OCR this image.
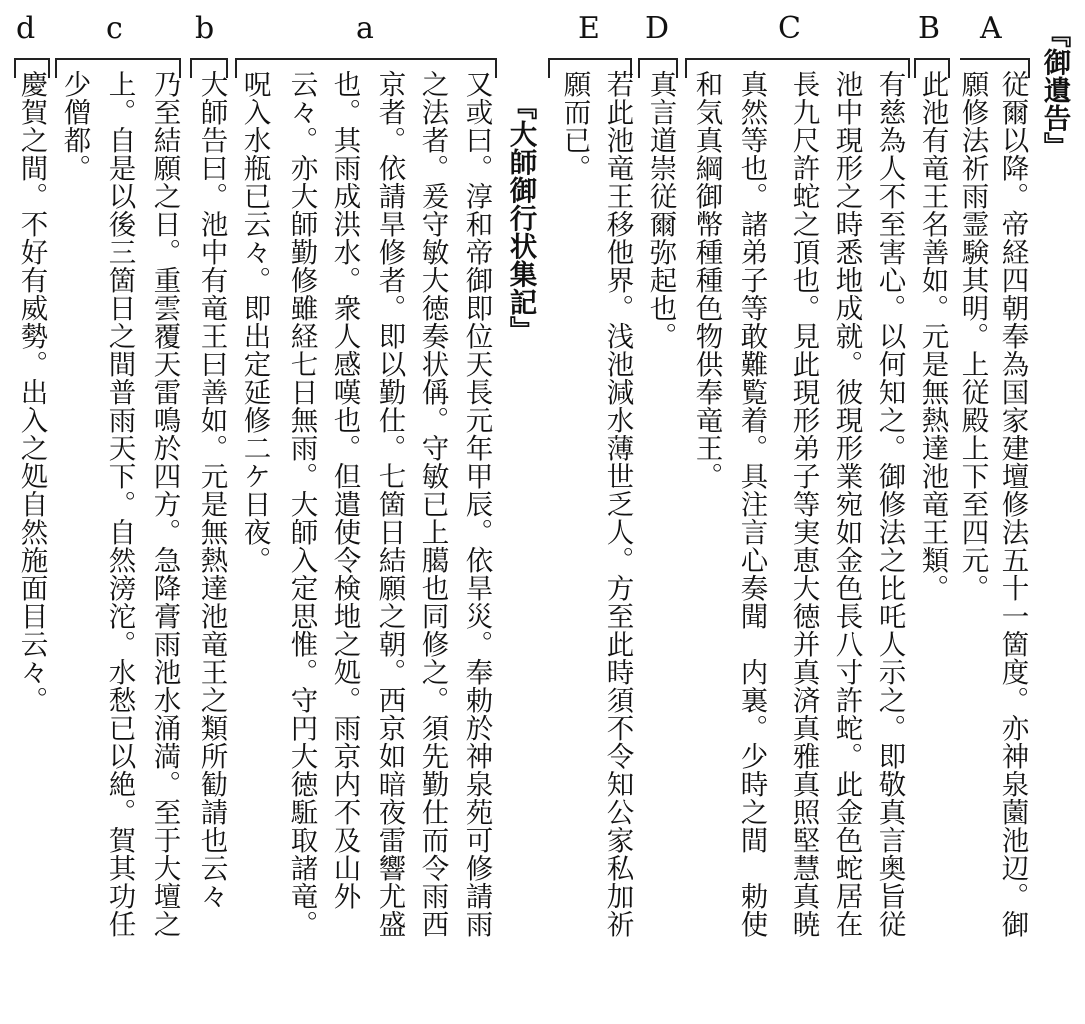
A
B
C
D
E
a
b
c
d	『御遺告』
『大師御行状集記』	従爾以降。帝経四朝奉為国家建壇修法五十一箇度。亦神泉薗池辺。御
願修法祈雨霊験其明。上従殿上下至四元。
此池有竜王名善如。元是無熱達池竜王類。
有慈為人不至害心。以何知之。御修法之比吒人示之。即敬真言奥旨従
池中現形之時悉地成就。彼現形業宛如金色長八寸許蛇。此金色蛇居在
長九尺許蛇之頂也。見此現形弟子等実恵大徳并真済真雅真照堅慧真暁
真然等也。諸弟子等敢難覧着。具注言心奏聞　内裏。少時之間　勅使
和気真綱御幣種種色物供奉竜王。
真言道崇従爾弥起也。
若此池竜王移他界。浅池減水薄世乏人。方至此時須不令知公家私加祈
願而已。
又或曰。淳和帝御即位天長元年甲辰。依旱災。奉勅於神泉苑可修請雨
之法者。爰守敏大徳奏状偁。守敏已上臈也同修之。須先勤仕而令雨西
京者。依請旱修者。即以勤仕。七箇日結願之朝。西京如暗夜雷響尤盛
也。其雨成洪水。衆人感嘆也。但遣使令検地之処。雨京内不及山外
云々。亦大師勤修雖経七日無雨。大師入定思惟。守円大徳駈取諸竜。
呪入水瓶已云々。即出定延修二ケ日夜。
大師告曰。池中有竜王曰善如。元是無熱達池竜王之類所勧請也云々
乃至結願之日。重雲覆天雷鳴於四方。急降膏雨池水涌満。至于大壇之
上。自是以後三箇日之間普雨天下。自然滂沱。水愁已以絶。賀其功任
少僧都。
慶賀之間。不好有威勢。出入之処自然施面目云々。
